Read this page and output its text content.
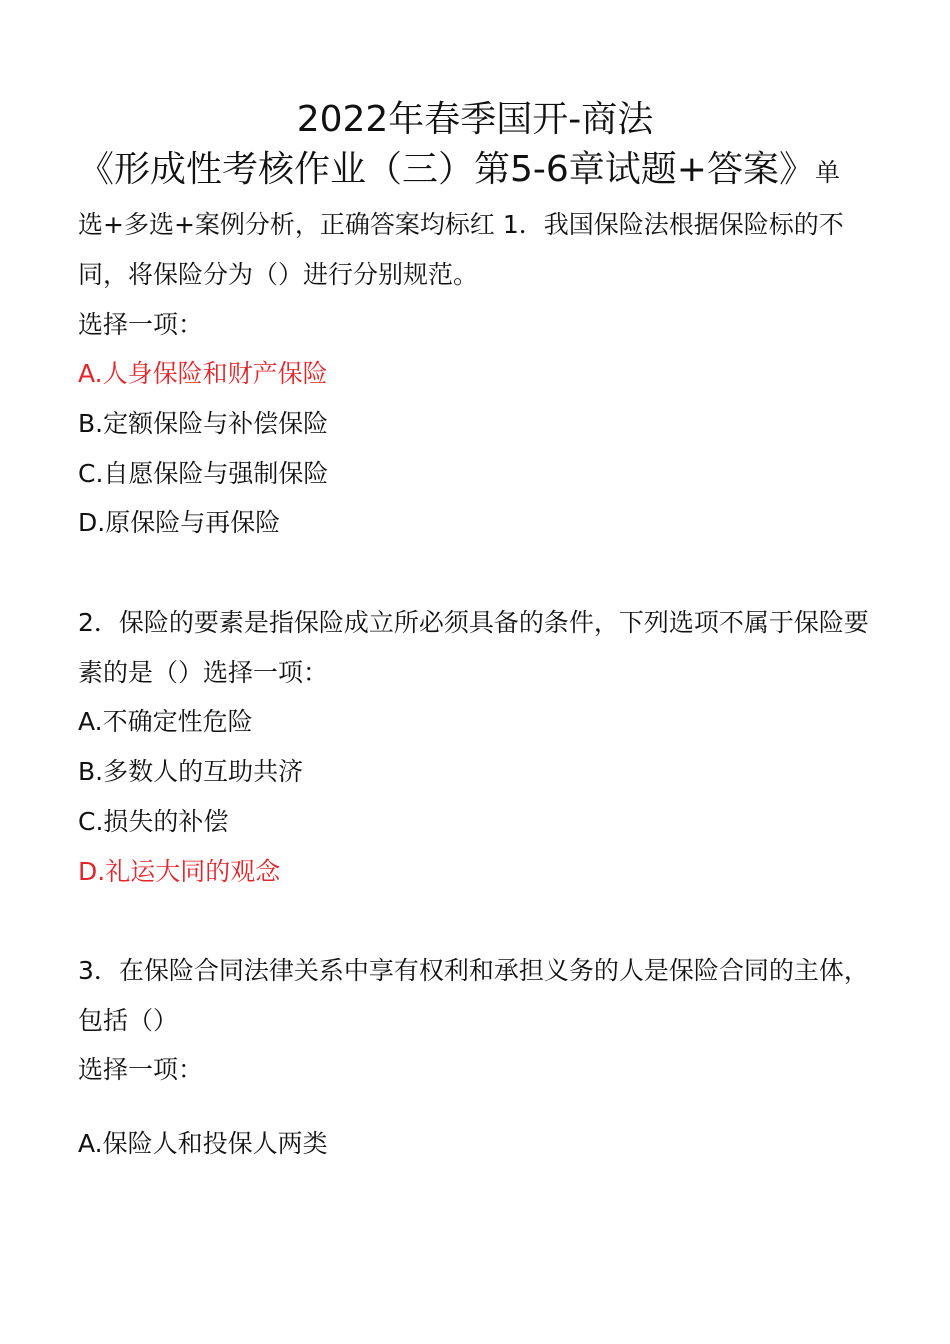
2022年春季国开-商法
《形成性考核作业（三）第5-6章试题+答案》单
选+多选+案例分析，正确答案均标红 1．我国保险法根据保险标的不同，将保险分为（）进行分别规范。
选择一项：
A.人身保险和财产保险
B.定额保险与补偿保险
C.自愿保险与强制保险
D.原保险与再保险
2．保险的要素是指保险成立所必须具备的条件，下列选项不属于保险要素的是（）选择一项：
A.不确定性危险
B.多数人的互助共济
C.损失的补偿
D.礼运大同的观念
3．在保险合同法律关系中享有权利和承担义务的人是保险合同的主体，包括（）
选择一项：
A.保险人和投保人两类
